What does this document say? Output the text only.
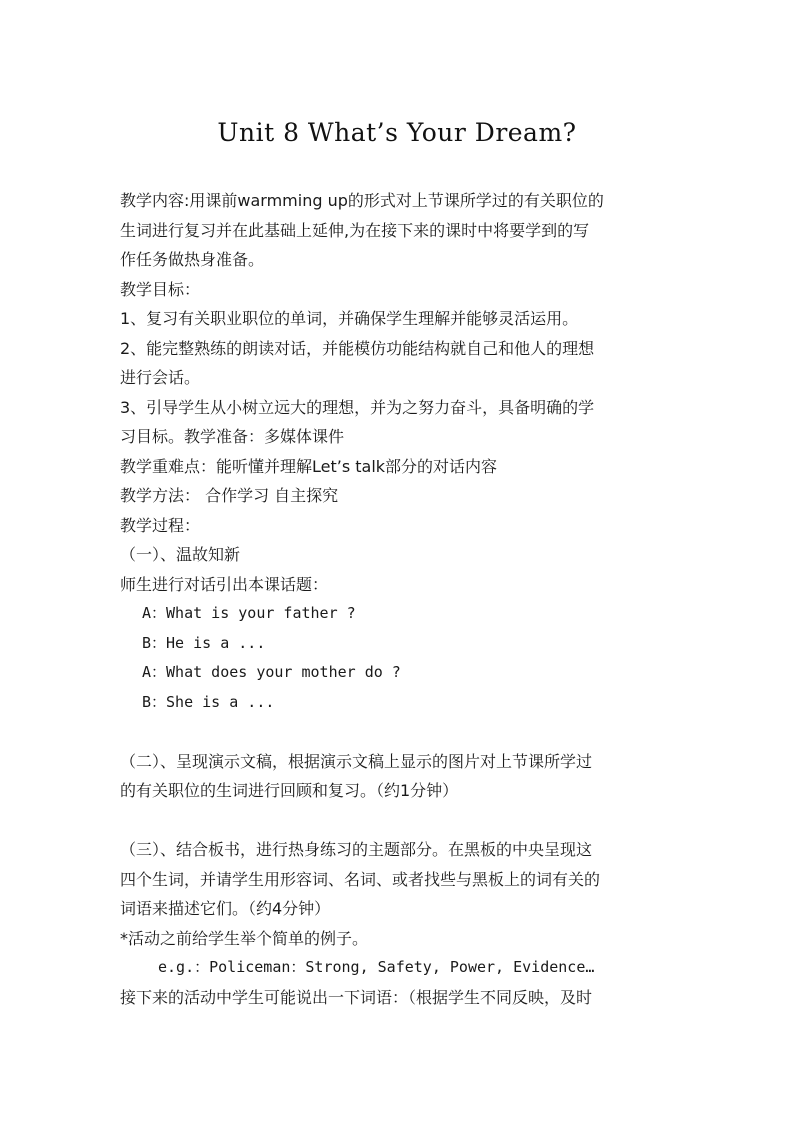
Unit 8 What’s Your Dream?
教学内容:用课前warmming up的形式对上节课所学过的有关职位的
生词进行复习并在此基础上延伸,为在接下来的课时中将要学到的写
作任务做热身准备。
教学目标：
1、复习有关职业职位的单词，并确保学生理解并能够灵活运用。
2、能完整熟练的朗读对话，并能模仿功能结构就自己和他人的理想
进行会话。
3、引导学生从小树立远大的理想，并为之努力奋斗，具备明确的学
习目标。教学准备：多媒体课件
教学重难点：能听懂并理解Let’s talk部分的对话内容
教学方法： 合作学习 自主探究
教学过程：
（一）、温故知新
师生进行对话引出本课话题：
A：What is your father ?
B：He is a ...
A：What does your mother do ?
B：She is a ...
（二）、呈现演示文稿，根据演示文稿上显示的图片对上节课所学过
的有关职位的生词进行回顾和复习。（约1分钟）
（三）、结合板书，进行热身练习的主题部分。在黑板的中央呈现这
四个生词，并请学生用形容词、名词、或者找些与黑板上的词有关的
词语来描述它们。（约4分钟）
*活动之前给学生举个简单的例子。
e.g.：Policeman：Strong, Safety, Power, Evidence…
接下来的活动中学生可能说出一下词语：（根据学生不同反映，及时
